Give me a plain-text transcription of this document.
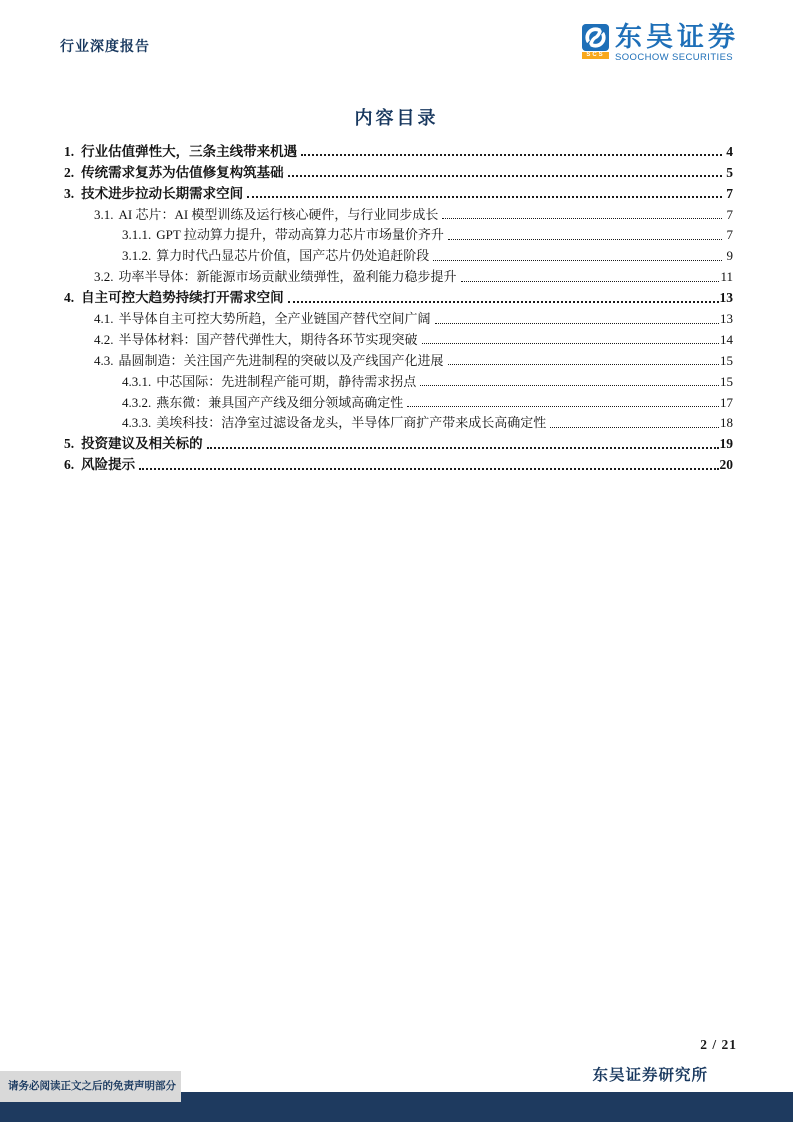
行业深度报告	SCS
东吴证券
SOOCHOW SECURITIES
内容目录
1. 行业估值弹性大，三条主线带来机遇	4
2. 传统需求复苏为估值修复构筑基础	5
3. 技术进步拉动长期需求空间	7
3.1. AI 芯片：AI 模型训练及运行核心硬件，与行业同步成长	7
3.1.1. GPT 拉动算力提升，带动高算力芯片市场量价齐升	7
3.1.2. 算力时代凸显芯片价值，国产芯片仍处追赶阶段	9
3.2. 功率半导体：新能源市场贡献业绩弹性，盈利能力稳步提升	11
4. 自主可控大趋势持续打开需求空间	13
4.1. 半导体自主可控大势所趋，全产业链国产替代空间广阔	13
4.2. 半导体材料：国产替代弹性大，期待各环节实现突破	14
4.3. 晶圆制造：关注国产先进制程的突破以及产线国产化进展	15
4.3.1. 中芯国际：先进制程产能可期，静待需求拐点	15
4.3.2. 燕东微：兼具国产产线及细分领域高确定性	17
4.3.3. 美埃科技：洁净室过滤设备龙头，半导体厂商扩产带来成长高确定性	18
5. 投资建议及相关标的	19
6. 风险提示	20
2 / 21
东吴证券研究所
请务必阅读正文之后的免责声明部分
